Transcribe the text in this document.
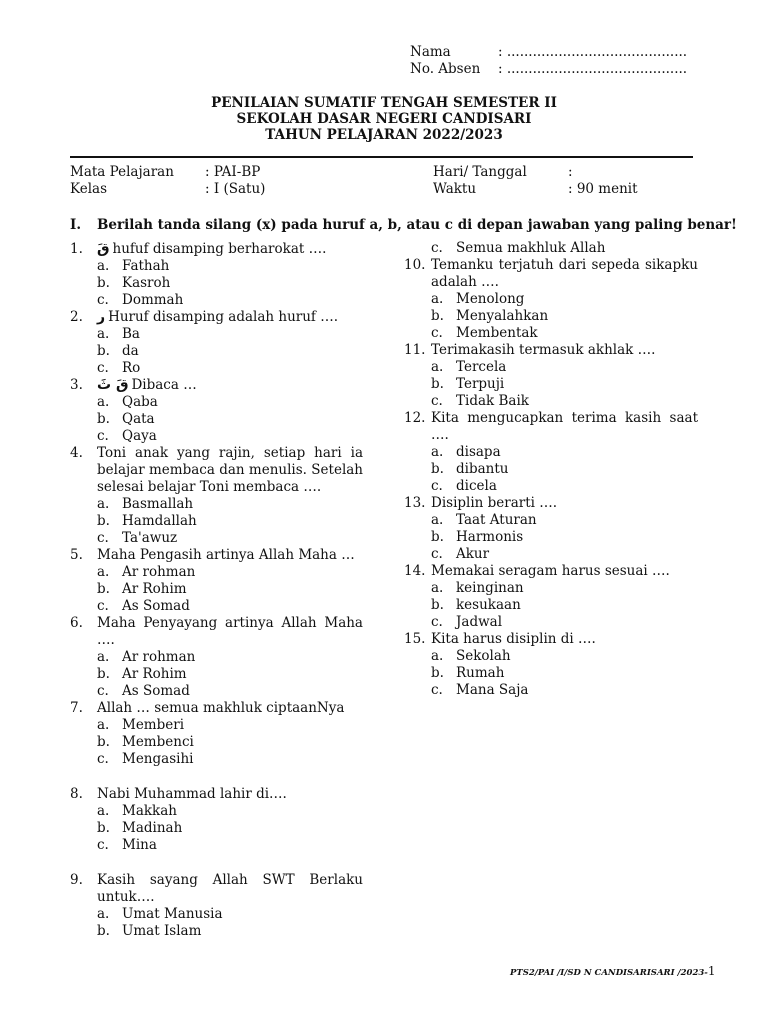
Nama	: ..........................................
No. Absen	: ..........................................
PENILAIAN SUMATIF TENGAH SEMESTER II
SEKOLAH DASAR NEGERI CANDISARI
TAHUN PELAJARAN 2022/2023
Mata Pelajaran	: PAI-BP
Kelas	: I (Satu)
Hari/ Tanggal	:
Waktu	: 90 menit
I.	Berilah tanda silang (x) pada huruf a, b, atau c di depan jawaban yang paling benar!
1.	قَ hufuf disamping berharokat ….
a. Fathah
b. Kasroh
c. Dommah
2.	ر Huruf disamping adalah huruf ….
a. Ba
b. da
c. Ro
3.	قَ ثَ Dibaca …
a. Qaba
b. Qata
c. Qaya
4.	Toni anak yang rajin, setiap hari ia belajar membaca dan menulis. Setelah selesai belajar Toni membaca ….
a. Basmallah
b. Hamdallah
c. Ta'awuz
5.	Maha Pengasih artinya Allah Maha …
a. Ar rohman
b. Ar Rohim
c. As Somad
6.	Maha Penyayang artinya Allah Maha ….
a. Ar rohman
b. Ar Rohim
c. As Somad
7.	Allah … semua makhluk ciptaanNya
a. Memberi
b. Membenci
c. Mengasihi
8.	Nabi Muhammad lahir di….
a. Makkah
b. Madinah
c. Mina
9.	Kasih sayang Allah SWT Berlaku untuk….
a. Umat Manusia
b. Umat Islam
c. Semua makhluk Allah
10. Temanku terjatuh dari sepeda sikapku adalah ….
a. Menolong
b. Menyalahkan
c. Membentak
11. Terimakasih termasuk akhlak ….
a. Tercela
b. Terpuji
c. Tidak Baik
12. Kita mengucapkan terima kasih saat ….
a. disapa
b. dibantu
c. dicela
13. Disiplin berarti ….
a. Taat Aturan
b. Harmonis
c. Akur
14. Memakai seragam harus sesuai ….
a. keinginan
b. kesukaan
c. Jadwal
15. Kita harus disiplin di ….
a. Sekolah
b. Rumah
c. Mana Saja
PTS2/PAI /I/SD N CANDISARISARI /2023-1
